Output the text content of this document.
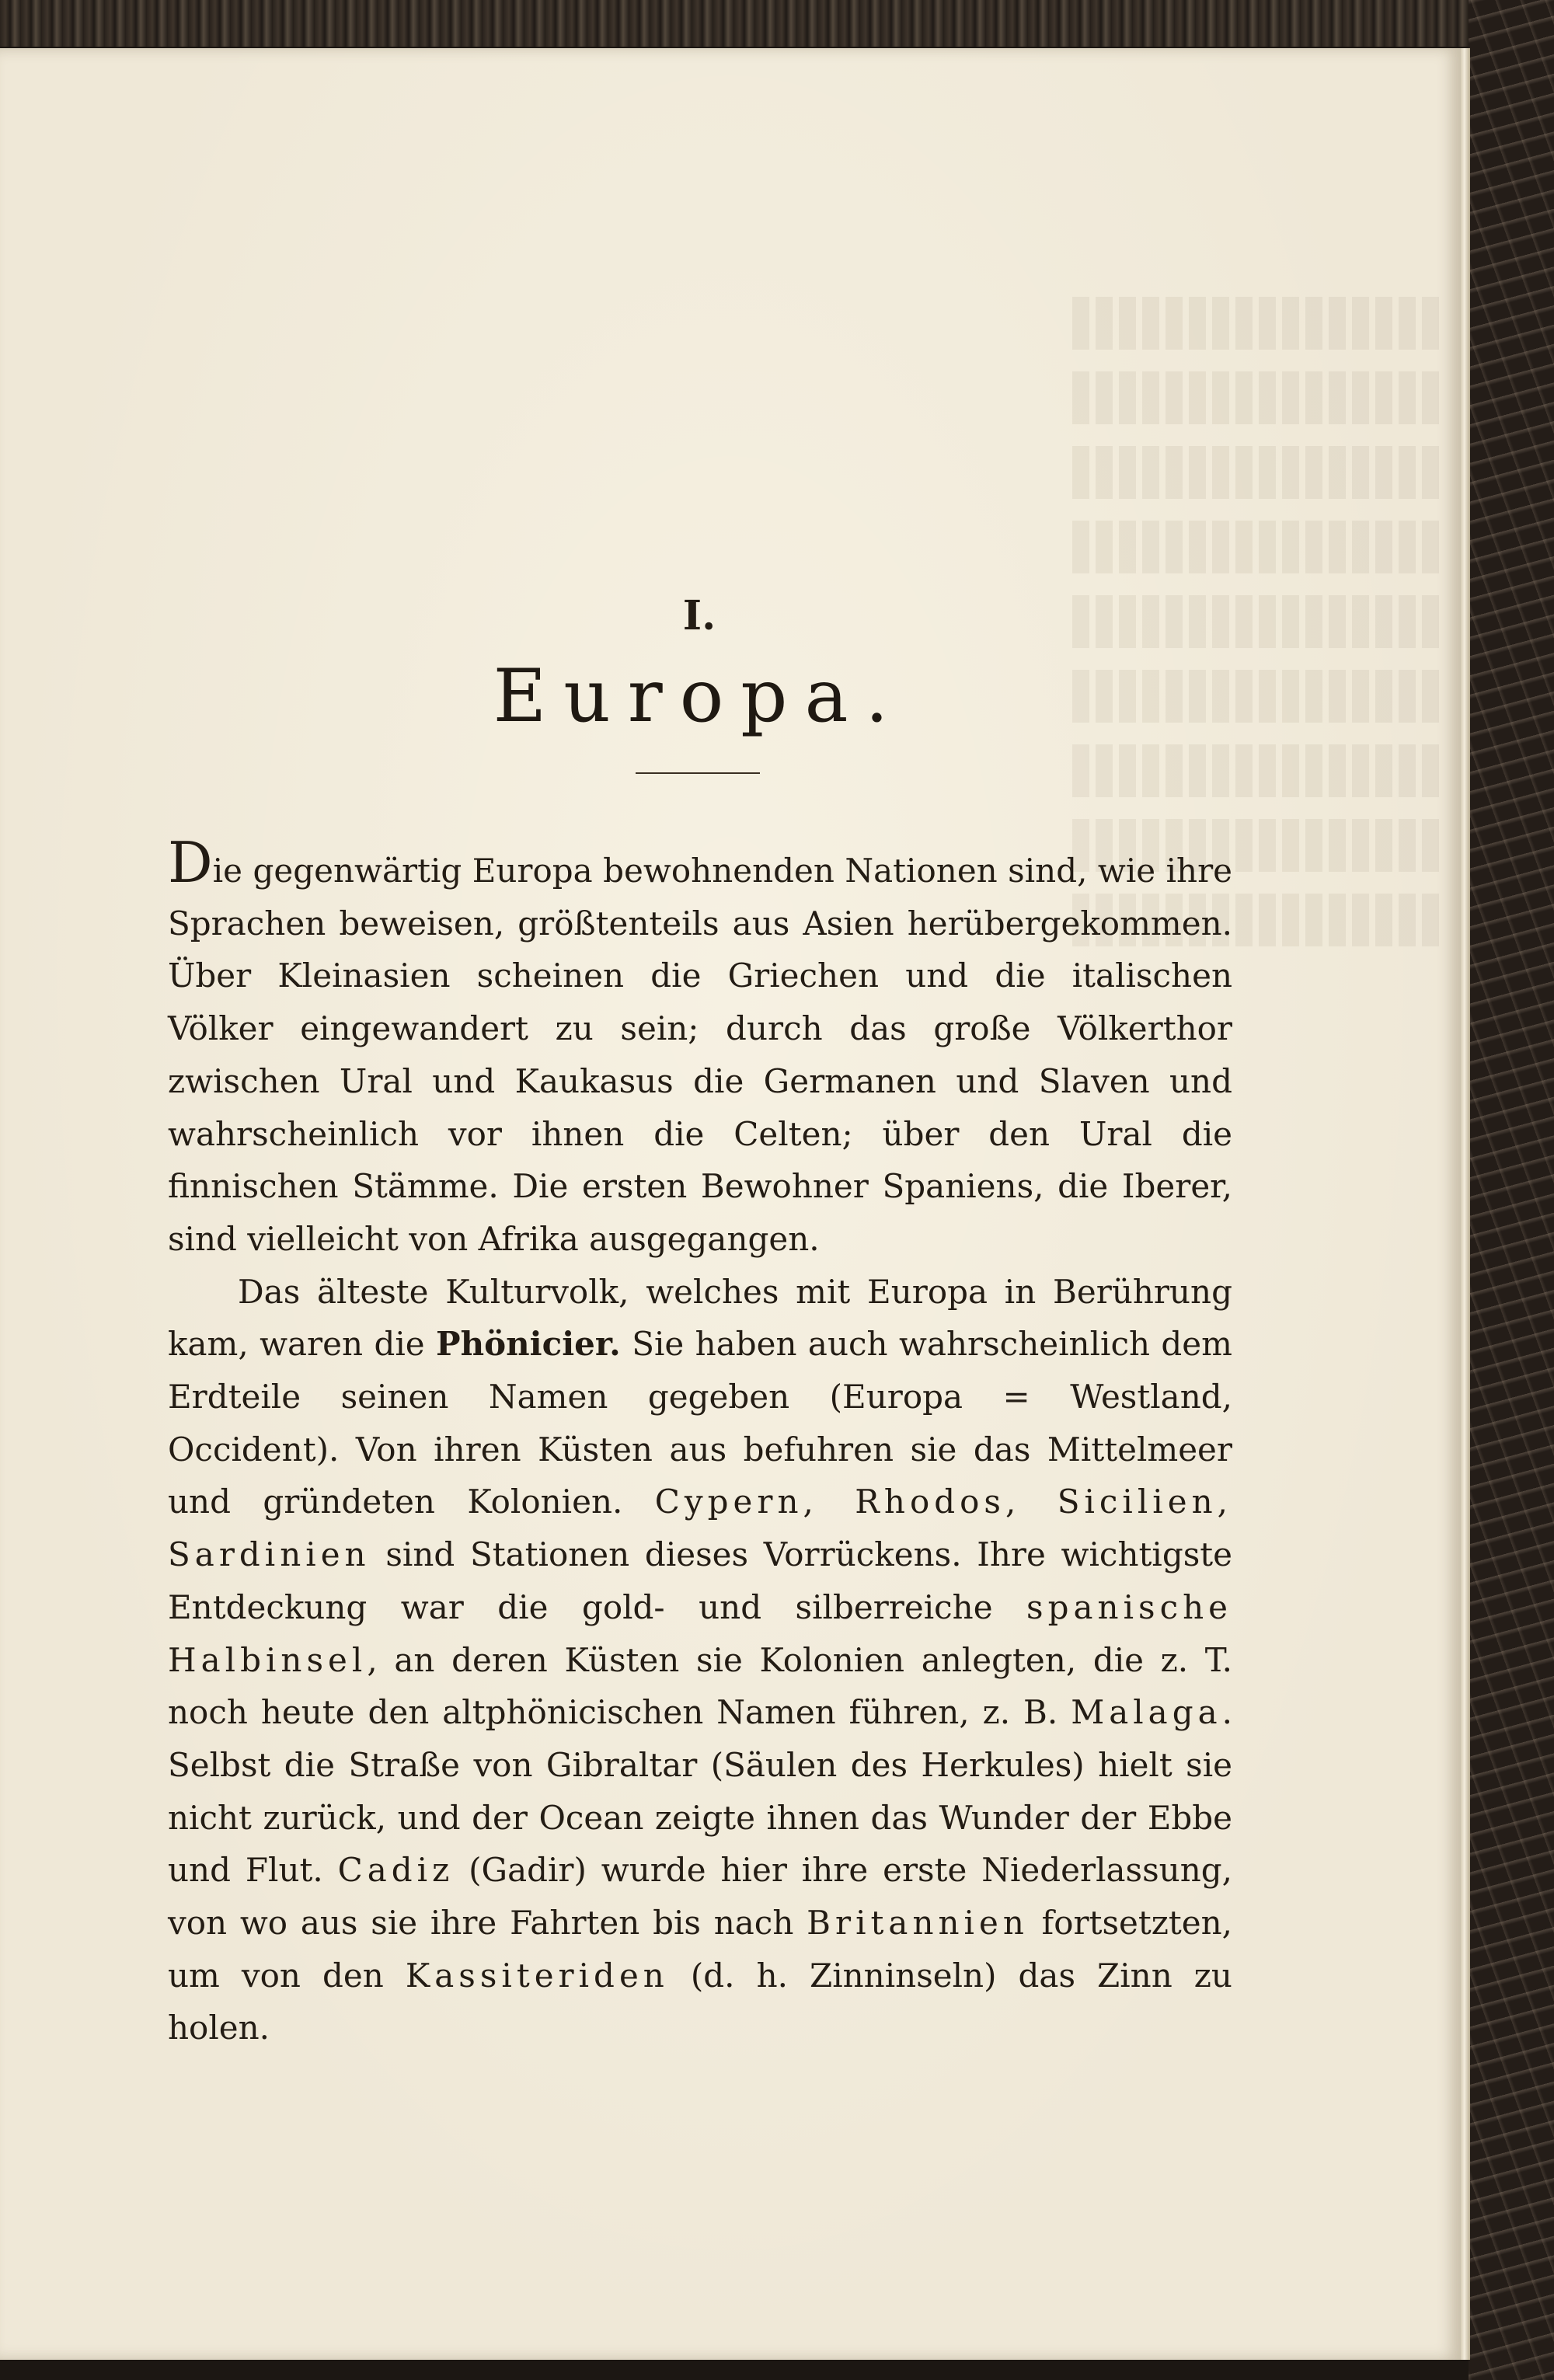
I.
Europa.

Die gegenwärtig Europa bewohnenden Nationen sind, wie ihre Sprachen beweisen, größtenteils aus Asien herübergekommen. Über Kleinasien scheinen die Griechen und die italischen Völker eingewandert zu sein; durch das große Völkerthor zwischen Ural und Kaukasus die Germanen und Slaven und wahrscheinlich vor ihnen die Celten; über den Ural die finnischen Stämme. Die ersten Bewohner Spaniens, die Iberer, sind vielleicht von Afrika ausgegangen.

Das älteste Kulturvolk, welches mit Europa in Berührung kam, waren die Phönicier. Sie haben auch wahrscheinlich dem Erdteile seinen Namen gegeben (Europa = Westland, Occident). Von ihren Küsten aus befuhren sie das Mittelmeer und gründeten Kolonien. Cypern, Rhodos, Sicilien, Sardinien sind Stationen dieses Vorrückens. Ihre wichtigste Entdeckung war die gold- und silberreiche spanische Halbinsel, an deren Küsten sie Kolonien anlegten, die z. T. noch heute den altphönicischen Namen führen, z. B. Malaga. Selbst die Straße von Gibraltar (Säulen des Herkules) hielt sie nicht zurück, und der Ocean zeigte ihnen das Wunder der Ebbe und Flut. Cadiz (Gadir) wurde hier ihre erste Niederlassung, von wo aus sie ihre Fahrten bis nach Britannien fortsetzten, um von den Kassiteriden (d. h. Zinninseln) das Zinn zu holen.
